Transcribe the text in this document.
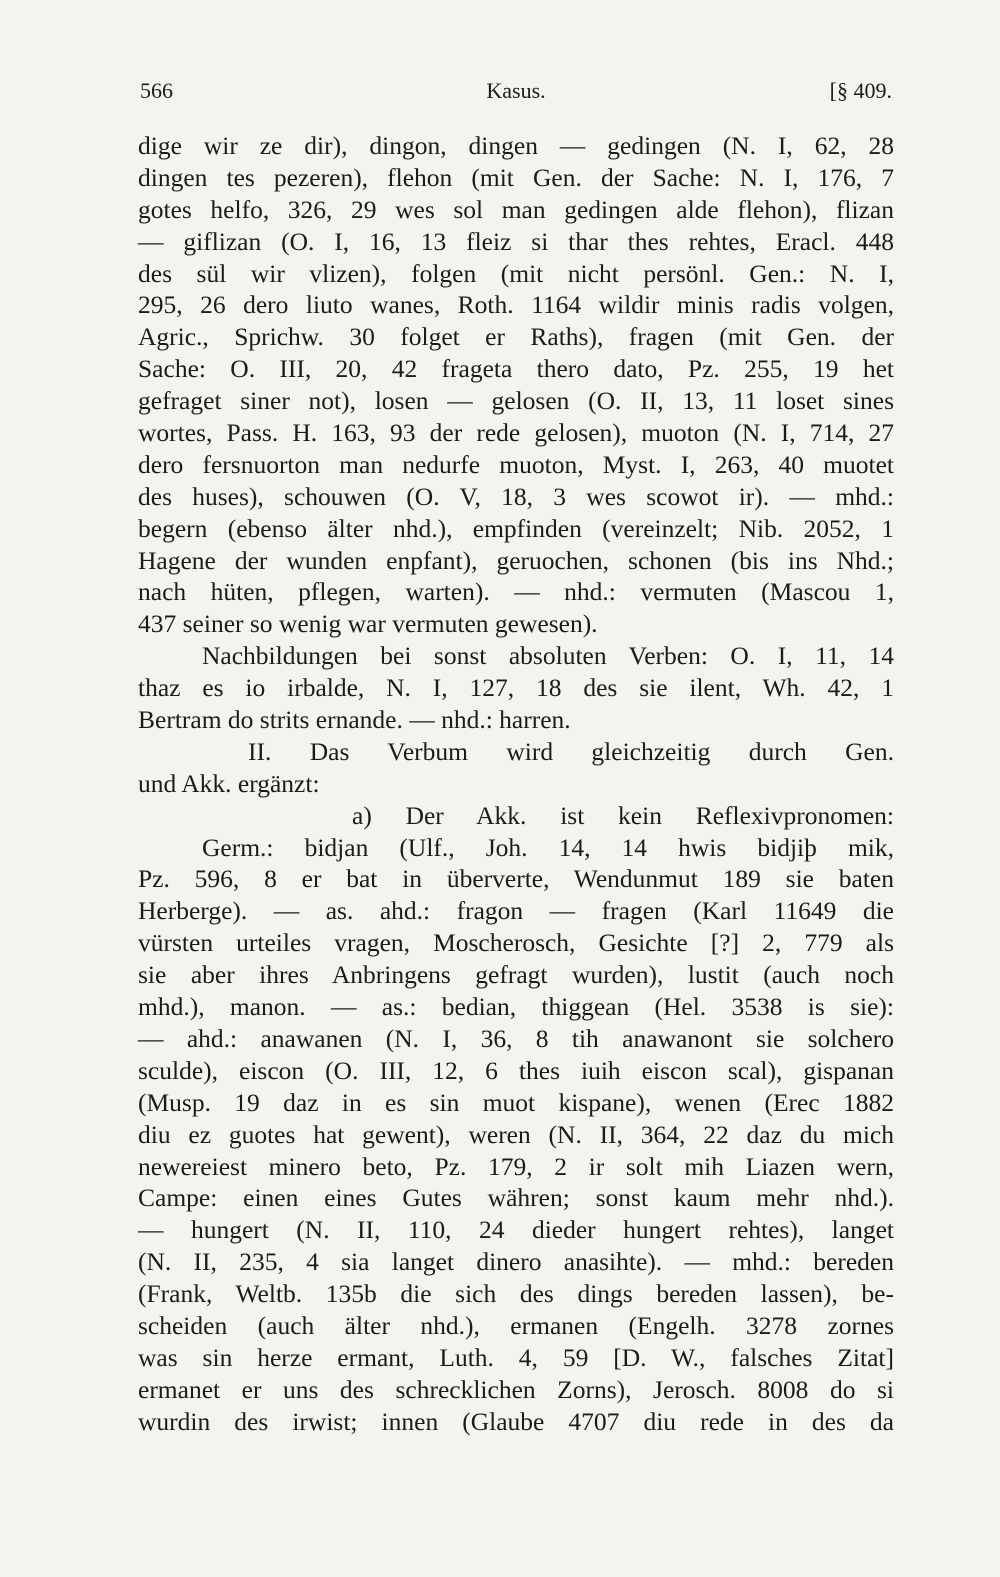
566	Kasus.	[§ 409.
dige wir ze dir), dingon, dingen — gedingen (N. I, 62, 28
dingen tes pezeren), flehon (mit Gen. der Sache: N. I, 176, 7
gotes helfo, 326, 29 wes sol man gedingen alde flehon), flizan
— giflizan (O. I, 16, 13 fleiz si thar thes rehtes, Eracl. 448
des sül wir vlizen), folgen (mit nicht persönl. Gen.: N. I,
295, 26 dero liuto wanes, Roth. 1164 wildir minis radis volgen,
Agric., Sprichw. 30 folget er Raths), fragen (mit Gen. der
Sache: O. III, 20, 42 frageta thero dato, Pz. 255, 19 het
gefraget siner not), losen — gelosen (O. II, 13, 11 loset sines
wortes, Pass. H. 163, 93 der rede gelosen), muoton (N. I, 714, 27
dero fersnuorton man nedurfe muoton, Myst. I, 263, 40 muotet
des huses), schouwen (O. V, 18, 3 wes scowot ir). — mhd.:
begern (ebenso älter nhd.), empfinden (vereinzelt; Nib. 2052, 1
Hagene der wunden enpfant), geruochen, schonen (bis ins Nhd.;
nach hüten, pflegen, warten). — nhd.: vermuten (Mascou 1,
437 seiner so wenig war vermuten gewesen).
Nachbildungen bei sonst absoluten Verben: O. I, 11, 14
thaz es io irbalde, N. I, 127, 18 des sie ilent, Wh. 42, 1
Bertram do strits ernande. — nhd.: harren.
II. Das Verbum wird gleichzeitig durch Gen.
und Akk. ergänzt:
a) Der Akk. ist kein Reflexivpronomen:
Germ.: bidjan (Ulf., Joh. 14, 14 hwis bidjiþ mik,
Pz. 596, 8 er bat in überverte, Wendunmut 189 sie baten
Herberge). — as. ahd.: fragon — fragen (Karl 11649 die
vürsten urteiles vragen, Moscherosch, Gesichte [?] 2, 779 als
sie aber ihres Anbringens gefragt wurden), lustit (auch noch
mhd.), manon. — as.: bedian, thiggean (Hel. 3538 is sie):
— ahd.: anawanen (N. I, 36, 8 tih anawanont sie solchero
sculde), eiscon (O. III, 12, 6 thes iuih eiscon scal), gispanan
(Musp. 19 daz in es sin muot kispane), wenen (Erec 1882
diu ez guotes hat gewent), weren (N. II, 364, 22 daz du mich
newereiest minero beto, Pz. 179, 2 ir solt mih Liazen wern,
Campe: einen eines Gutes währen; sonst kaum mehr nhd.).
— hungert (N. II, 110, 24 dieder hungert rehtes), langet
(N. II, 235, 4 sia langet dinero anasihte). — mhd.: bereden
(Frank, Weltb. 135b die sich des dings bereden lassen), be-
scheiden (auch älter nhd.), ermanen (Engelh. 3278 zornes
was sin herze ermant, Luth. 4, 59 [D. W., falsches Zitat]
ermanet er uns des schrecklichen Zorns), Jerosch. 8008 do si
wurdin des irwist; innen (Glaube 4707 diu rede in des da
